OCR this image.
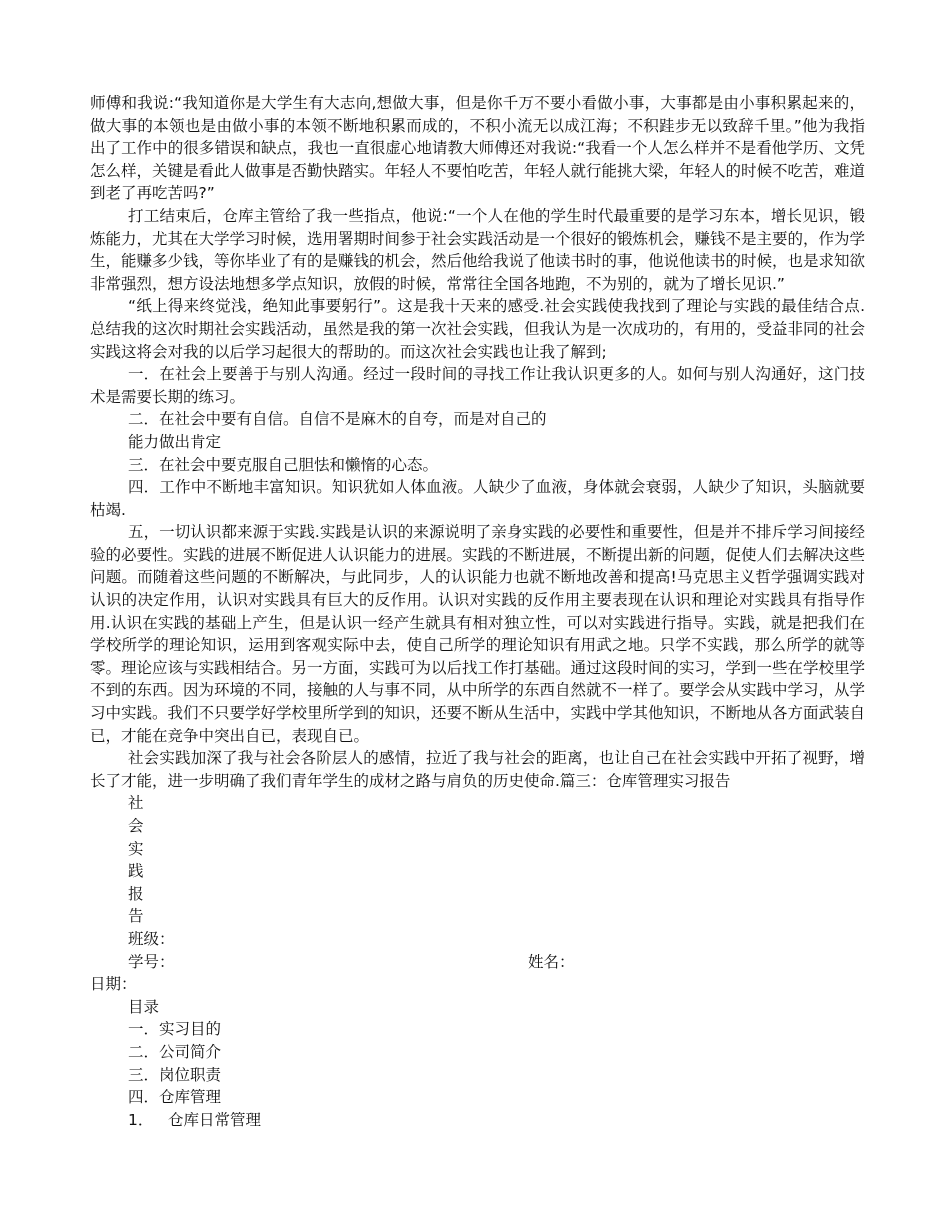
师傅和我说:“我知道你是大学生有大志向,想做大事，但是你千万不要小看做小事，大事都是由小事积累起来的，做大事的本领也是由做小事的本领不断地积累而成的，不积小流无以成江海；不积跬步无以致辞千里。”他为我指出了工作中的很多错误和缺点，我也一直很虚心地请教大师傅还对我说:“我看一个人怎么样并不是看他学历、文凭怎么样，关键是看此人做事是否勤快踏实。年轻人不要怕吃苦，年轻人就行能挑大梁，年轻人的时候不吃苦，难道到老了再吃苦吗?”

打工结束后，仓库主管给了我一些指点，他说:“一个人在他的学生时代最重要的是学习东本，增长见识，锻炼能力，尤其在大学学习时候，选用署期时间参于社会实践活动是一个很好的锻炼机会，赚钱不是主要的，作为学生，能赚多少钱，等你毕业了有的是赚钱的机会，然后他给我说了他读书时的事，他说他读书的时候，也是求知欲非常强烈，想方设法地想多学点知识，放假的时候，常常往全国各地跑，不为别的，就为了增长见识.”

“纸上得来终觉浅，绝知此事要躬行”。这是我十天来的感受.社会实践使我找到了理论与实践的最佳结合点.总结我的这次时期社会实践活动，虽然是我的第一次社会实践，但我认为是一次成功的，有用的，受益非同的社会实践这将会对我的以后学习起很大的帮助的。而这次社会实践也让我了解到;

一．在社会上要善于与别人沟通。经过一段时间的寻找工作让我认识更多的人。如何与别人沟通好，这门技术是需要长期的练习。

二．在社会中要有自信。自信不是麻木的自夸，而是对自己的

能力做出肯定

三．在社会中要克服自己胆怯和懒惰的心态。

四．工作中不断地丰富知识。知识犹如人体血液。人缺少了血液，身体就会衰弱，人缺少了知识，头脑就要枯竭.

五，一切认识都来源于实践.实践是认识的来源说明了亲身实践的必要性和重要性，但是并不排斥学习间接经验的必要性。实践的进展不断促进人认识能力的进展。实践的不断进展，不断提出新的问题，促使人们去解决这些问题。而随着这些问题的不断解决，与此同步，人的认识能力也就不断地改善和提高!马克思主义哲学强调实践对认识的决定作用，认识对实践具有巨大的反作用。认识对实践的反作用主要表现在认识和理论对实践具有指导作用.认识在实践的基础上产生，但是认识一经产生就具有相对独立性，可以对实践进行指导。实践，就是把我们在学校所学的理论知识，运用到客观实际中去，使自己所学的理论知识有用武之地。只学不实践，那么所学的就等零。理论应该与实践相结合。另一方面，实践可为以后找工作打基础。通过这段时间的实习，学到一些在学校里学不到的东西。因为环境的不同，接触的人与事不同，从中所学的东西自然就不一样了。要学会从实践中学习，从学习中实践。我们不只要学好学校里所学到的知识，还要不断从生活中，实践中学其他知识，不断地从各方面武装自已，才能在竞争中突出自已，表现自已。

社会实践加深了我与社会各阶层人的感情，拉近了我与社会的距离，也让自己在社会实践中开拓了视野，增长了才能，进一步明确了我们青年学生的成材之路与肩负的历史使命.篇三：仓库管理实习报告

社
会
实
践
报
告
班级：
学号：	姓名：

日期：

目录

一．实习目的

二．公司简介

三．岗位职责

四．仓库管理

1． 仓库日常管理
